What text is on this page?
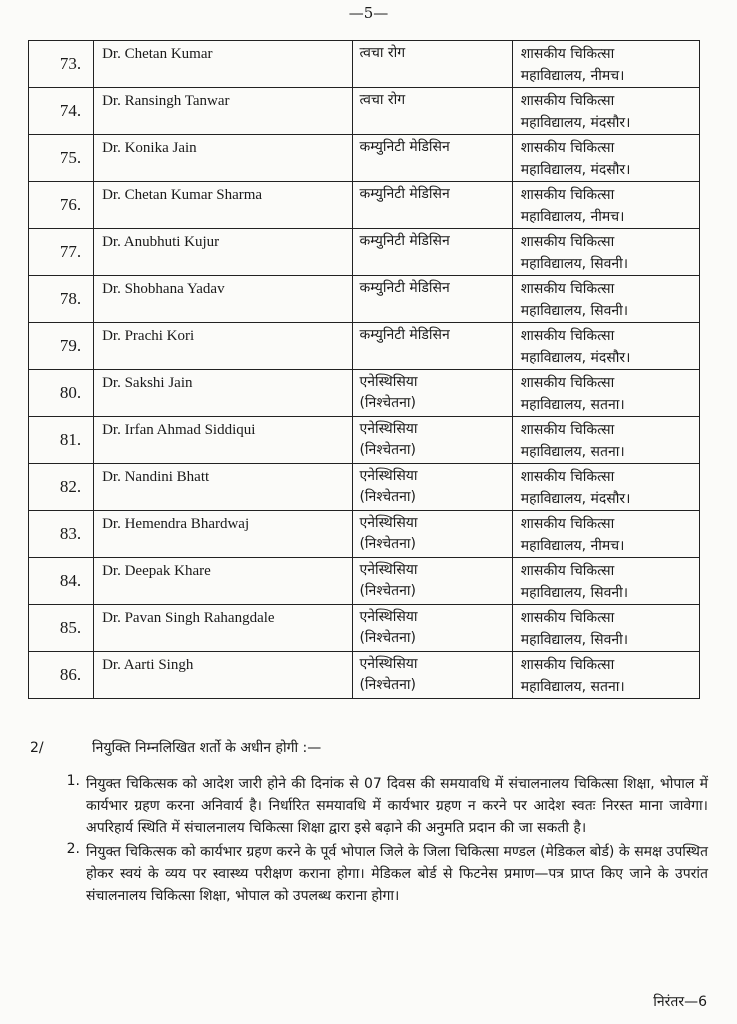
—5—
73.	Dr. Chetan Kumar	त्वचा रोग	शासकीय चिकित्सा
महाविद्यालय, नीमच।

74.	Dr. Ransingh Tanwar	त्वचा रोग	शासकीय चिकित्सा
महाविद्यालय, मंदसौर।

75.	Dr. Konika Jain	कम्युनिटी मेडिसिन	शासकीय चिकित्सा
महाविद्यालय, मंदसौर।

76.	Dr. Chetan Kumar Sharma	कम्युनिटी मेडिसिन	शासकीय चिकित्सा
महाविद्यालय, नीमच।

77.	Dr. Anubhuti Kujur	कम्युनिटी मेडिसिन	शासकीय चिकित्सा
महाविद्यालय, सिवनी।

78.	Dr. Shobhana Yadav	कम्युनिटी मेडिसिन	शासकीय चिकित्सा
महाविद्यालय, सिवनी।

79.	Dr. Prachi Kori	कम्युनिटी मेडिसिन	शासकीय चिकित्सा
महाविद्यालय, मंदसौर।

80.	Dr. Sakshi Jain	एनेस्थिसिया
(निश्चेतना)	शासकीय चिकित्सा
महाविद्यालय, सतना।

81.	Dr. Irfan Ahmad Siddiqui	एनेस्थिसिया
(निश्चेतना)	शासकीय चिकित्सा
महाविद्यालय, सतना।

82.	Dr. Nandini Bhatt	एनेस्थिसिया
(निश्चेतना)	शासकीय चिकित्सा
महाविद्यालय, मंदसौर।

83.	Dr. Hemendra Bhardwaj	एनेस्थिसिया
(निश्चेतना)	शासकीय चिकित्सा
महाविद्यालय, नीमच।

84.	Dr. Deepak Khare	एनेस्थिसिया
(निश्चेतना)	शासकीय चिकित्सा
महाविद्यालय, सिवनी।

85.	Dr. Pavan Singh Rahangdale	एनेस्थिसिया
(निश्चेतना)	शासकीय चिकित्सा
महाविद्यालय, सिवनी।

86.	Dr. Aarti Singh	एनेस्थिसिया
(निश्चेतना)	शासकीय चिकित्सा
महाविद्यालय, सतना।
2/	नियुक्ति निम्नलिखित शर्तो के अधीन होगी :—
1. नियुक्त चिकित्सक को आदेश जारी होने की दिनांक से 07 दिवस की समयावधि में संचालनालय चिकित्सा शिक्षा, भोपाल में कार्यभार ग्रहण करना अनिवार्य है। निर्धारित समयावधि में कार्यभार ग्रहण न करने पर आदेश स्वतः निरस्त माना जावेगा। अपरिहार्य स्थिति में संचालनालय चिकित्सा शिक्षा द्वारा इसे बढ़ाने की अनुमति प्रदान की जा सकती है।
2. नियुक्त चिकित्सक को कार्यभार ग्रहण करने के पूर्व भोपाल जिले के जिला चिकित्सा मण्डल (मेडिकल बोर्ड) के समक्ष उपस्थित होकर स्वयं के व्यय पर स्वास्थ्य परीक्षण कराना होगा। मेडिकल बोर्ड से फिटनेस प्रमाण—पत्र प्राप्त किए जाने के उपरांत संचालनालय चिकित्सा शिक्षा, भोपाल को उपलब्ध कराना होगा।
निरंतर—6
